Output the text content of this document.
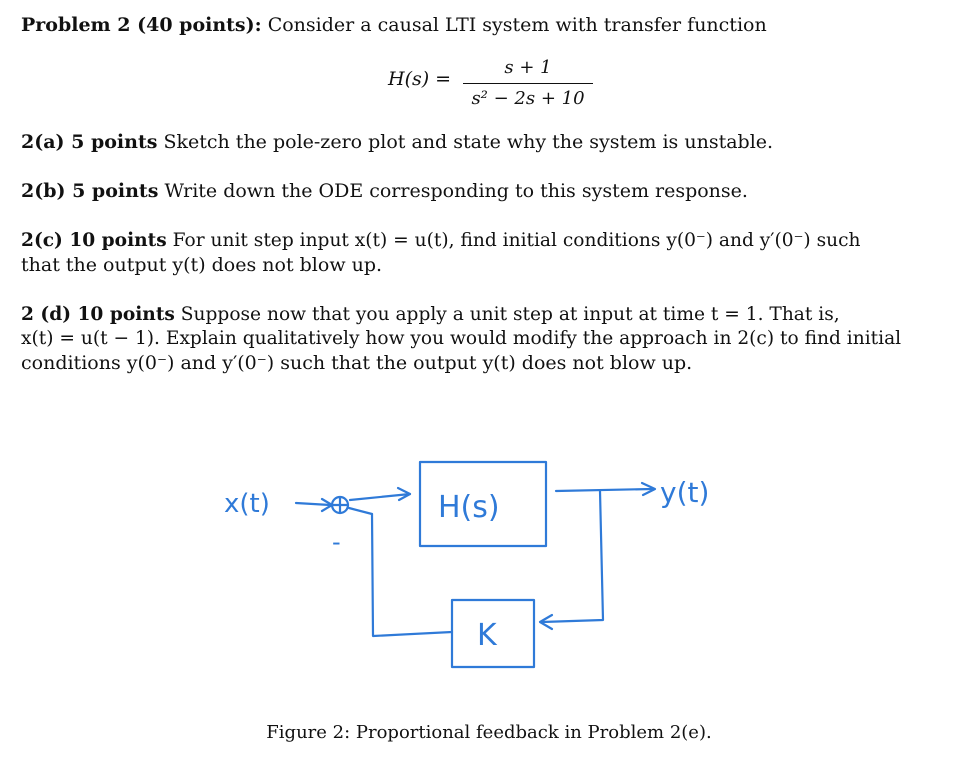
Problem 2 (40 points): Consider a causal LTI system with transfer function
H(s) =
s + 1
s² − 2s + 10
2(a) 5 points Sketch the pole-zero plot and state why the system is unstable.
2(b) 5 points Write down the ODE corresponding to this system response.
2(c) 10 points For unit step input x(t) = u(t), find initial conditions y(0⁻) and y′(0⁻) such
that the output y(t) does not blow up.
2 (d) 10 points Suppose now that you apply a unit step at input at time t = 1. That is,
x(t) = u(t − 1). Explain qualitatively how you would modify the approach in 2(c) to find initial
conditions y(0⁻) and y′(0⁻) such that the output y(t) does not blow up.
x(t)
-
H(s)	y(t)
K
Figure 2: Proportional feedback in Problem 2(e).
